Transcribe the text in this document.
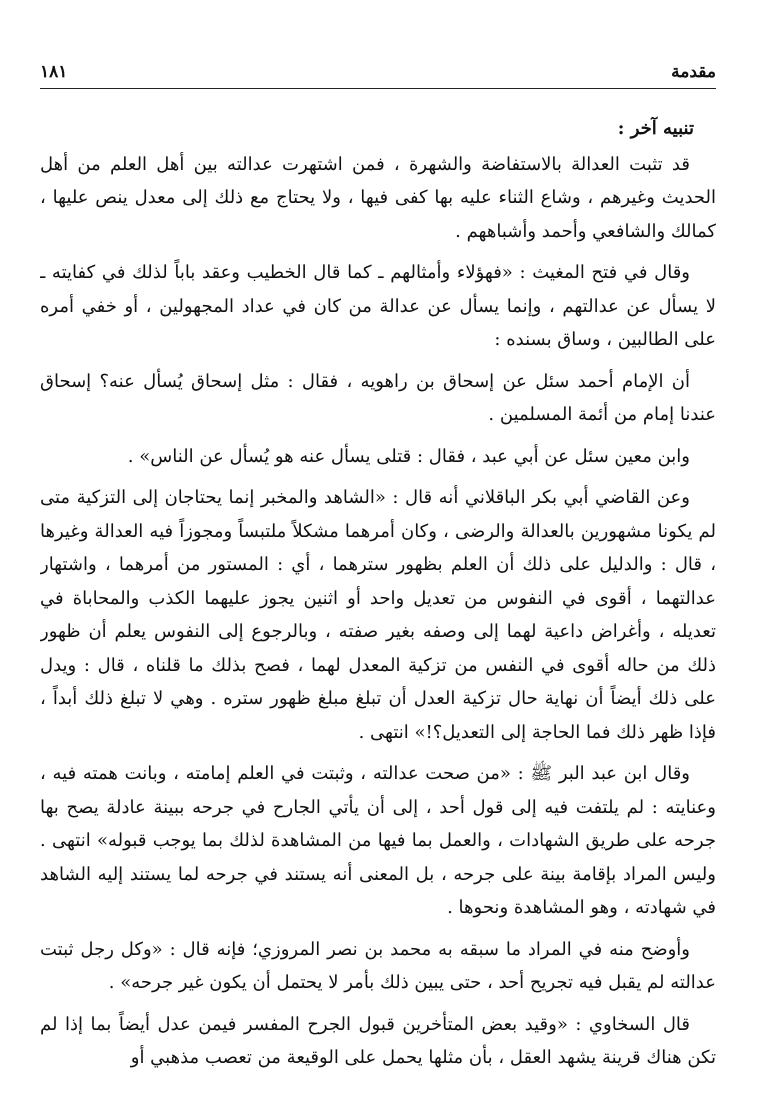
مقدمة
١٨١

تنبيه آخر :

قد تثبت العدالة بالاستفاضة والشهرة ، فمن اشتهرت عدالته بين أهل العلم من أهل الحديث وغيرهم ، وشاع الثناء عليه بها كفى فيها ، ولا يحتاج مع ذلك إلى معدل ينص عليها ، كمالك والشافعي وأحمد وأشباههم .

وقال في فتح المغيث : «فهؤلاء وأمثالهم ـ كما قال الخطيب وعقد باباً لذلك في كفايته ـ لا يسأل عن عدالتهم ، وإنما يسأل عن عدالة من كان في عداد المجهولين ، أو خفي أمره على الطالبين ، وساق بسنده :

أن الإمام أحمد سئل عن إسحاق بن راهويه ، فقال : مثل إسحاق يُسأل عنه؟ إسحاق عندنا إمام من أئمة المسلمين .

وابن معين سئل عن أبي عبد ، فقال : قتلى يسأل عنه هو يُسأل عن الناس» .

وعن القاضي أبي بكر الباقلاني أنه قال : «الشاهد والمخبر إنما يحتاجان إلى التزكية متى لم يكونا مشهورين بالعدالة والرضى ، وكان أمرهما مشكلاً ملتبساً ومجوزاً فيه العدالة وغيرها ، قال : والدليل على ذلك أن العلم بظهور سترهما ، أي : المستور من أمرهما ، واشتهار عدالتهما ، أقوى في النفوس من تعديل واحد أو اثنين يجوز عليهما الكذب والمحاباة في تعديله ، وأغراض داعية لهما إلى وصفه بغير صفته ، وبالرجوع إلى النفوس يعلم أن ظهور ذلك من حاله أقوى في النفس من تزكية المعدل لهما ، فصح بذلك ما قلناه ، قال : ويدل على ذلك أيضاً أن نهاية حال تزكية العدل أن تبلغ مبلغ ظهور ستره . وهي لا تبلغ ذلك أبداً ، فإذا ظهر ذلك فما الحاجة إلى التعديل؟!» انتهى .

وقال ابن عبد البر ﷺ : «من صحت عدالته ، وثبتت في العلم إمامته ، وبانت همته فيه ، وعنايته : لم يلتفت فيه إلى قول أحد ، إلى أن يأتي الجارح في جرحه ببينة عادلة يصح بها جرحه على طريق الشهادات ، والعمل بما فيها من المشاهدة لذلك بما يوجب قبوله» انتهى . وليس المراد بإقامة بينة على جرحه ، بل المعنى أنه يستند في جرحه لما يستند إليه الشاهد في شهادته ، وهو المشاهدة ونحوها .

وأوضح منه في المراد ما سبقه به محمد بن نصر المروزي؛ فإنه قال : «وكل رجل ثبتت عدالته لم يقبل فيه تجريح أحد ، حتى يبين ذلك بأمر لا يحتمل أن يكون غير جرحه» .

قال السخاوي : «وقيد بعض المتأخرين قبول الجرح المفسر فيمن عدل أيضاً بما إذا لم تكن هناك قرينة يشهد العقل ، بأن مثلها يحمل على الوقيعة من تعصب مذهبي أو
